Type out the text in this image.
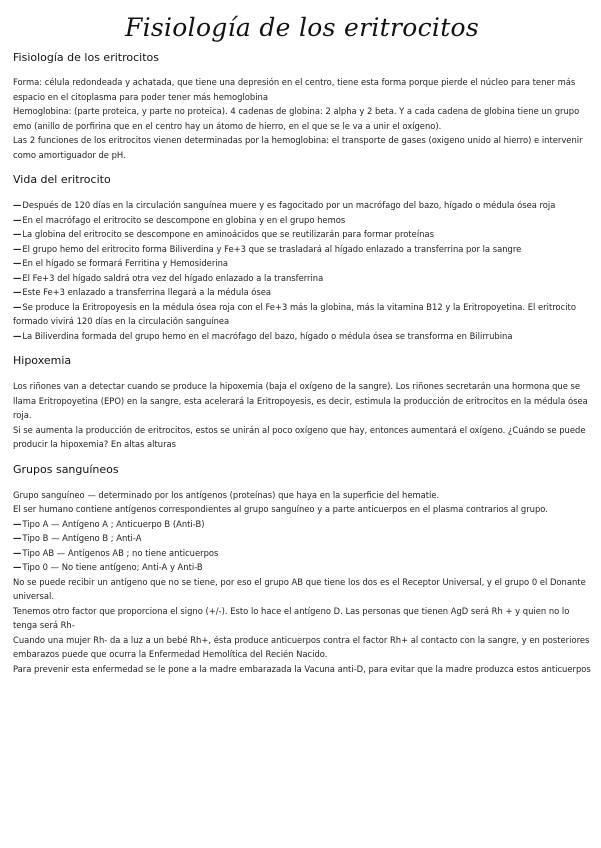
Fisiología de los eritrocitos
Fisiología de los eritrocitos

Forma: célula redondeada y achatada, que tiene una depresión en el centro, tiene esta forma porque pierde el núcleo para tener más espacio en el citoplasma para poder tener más hemoglobina

Hemoglobina: (parte proteica, y parte no proteica). 4 cadenas de globina: 2 alpha y 2 beta. Y a cada cadena de globina tiene un grupo emo (anillo de porfirina que en el centro hay un átomo de hierro, en el que se le va a unir el oxígeno).

Las 2 funciones de los eritrocitos vienen determinadas por la hemoglobina: el transporte de gases (oxigeno unido al hierro) e intervenir como amortiguador de pH.

Vida del eritrocito
—Después de 120 días en la circulación sanguínea muere y es fagocitado por un macrófago del bazo, hígado o médula ósea roja
—En el macrófago el eritrocito se descompone en globina y en el grupo hemos
—La globina del eritrocito se descompone en aminoácidos que se reutilizarán para formar proteínas
—El grupo hemo del eritrocito forma Biliverdina y Fe+3 que se trasladará al hígado enlazado a transferrina por la sangre
—En el hígado se formará Ferritina y Hemosiderina
—El Fe+3 del hígado saldrá otra vez del hígado enlazado a la transferrina
—Este Fe+3 enlazado a transferrina llegará a la médula ósea
—Se produce la Eritropoyesis en la médula ósea roja con el Fe+3 más la globina, más la vitamina B12 y la Eritropoyetina. El eritrocito formado vivirá 120 días en la circulación sanguínea
—La Biliverdina formada del grupo hemo en el macrófago del bazo, hígado o médula ósea se transforma en Bilirrubina
Hipoxemia

Los riñones van a detectar cuando se produce la hipoxemia (baja el oxígeno de la sangre). Los riñones secretarán una hormona que se llama Eritropoyetina (EPO) en la sangre, esta acelerará la Eritropoyesis, es decir, estimula la producción de eritrocitos en la médula ósea roja.

Si se aumenta la producción de eritrocitos, estos se unirán al poco oxígeno que hay, entonces aumentará el oxígeno. ¿Cuándo se puede producir la hipoxemia? En altas alturas

Grupos sanguíneos

Grupo sanguíneo — determinado por los antígenos (proteínas) que haya en la superficie del hematíe.

El ser humano contiene antígenos correspondientes al grupo sanguíneo y a parte anticuerpos en el plasma contrarios al grupo.

—Tipo A — Antígeno A ; Anticuerpo B (Anti-B)
—Tipo B — Antígeno B ; Anti-A
—Tipo AB — Antígenos AB ; no tiene anticuerpos
—Tipo 0 — No tiene antígeno; Anti-A y Anti-B

No se puede recibir un antígeno que no se tiene, por eso el grupo AB que tiene los dos es el Receptor Universal, y el grupo 0 el Donante universal.

Tenemos otro factor que proporciona el signo (+/-). Esto lo hace el antígeno D. Las personas que tienen AgD será Rh + y quien no lo tenga será Rh-

Cuando una mujer Rh- da a luz a un bebé Rh+, ésta produce anticuerpos contra el factor Rh+ al contacto con la sangre, y en posteriores embarazos puede que ocurra la Enfermedad Hemolítica del Recién Nacido.

Para prevenir esta enfermedad se le pone a la madre embarazada la Vacuna anti-D, para evitar que la madre produzca estos anticuerpos
